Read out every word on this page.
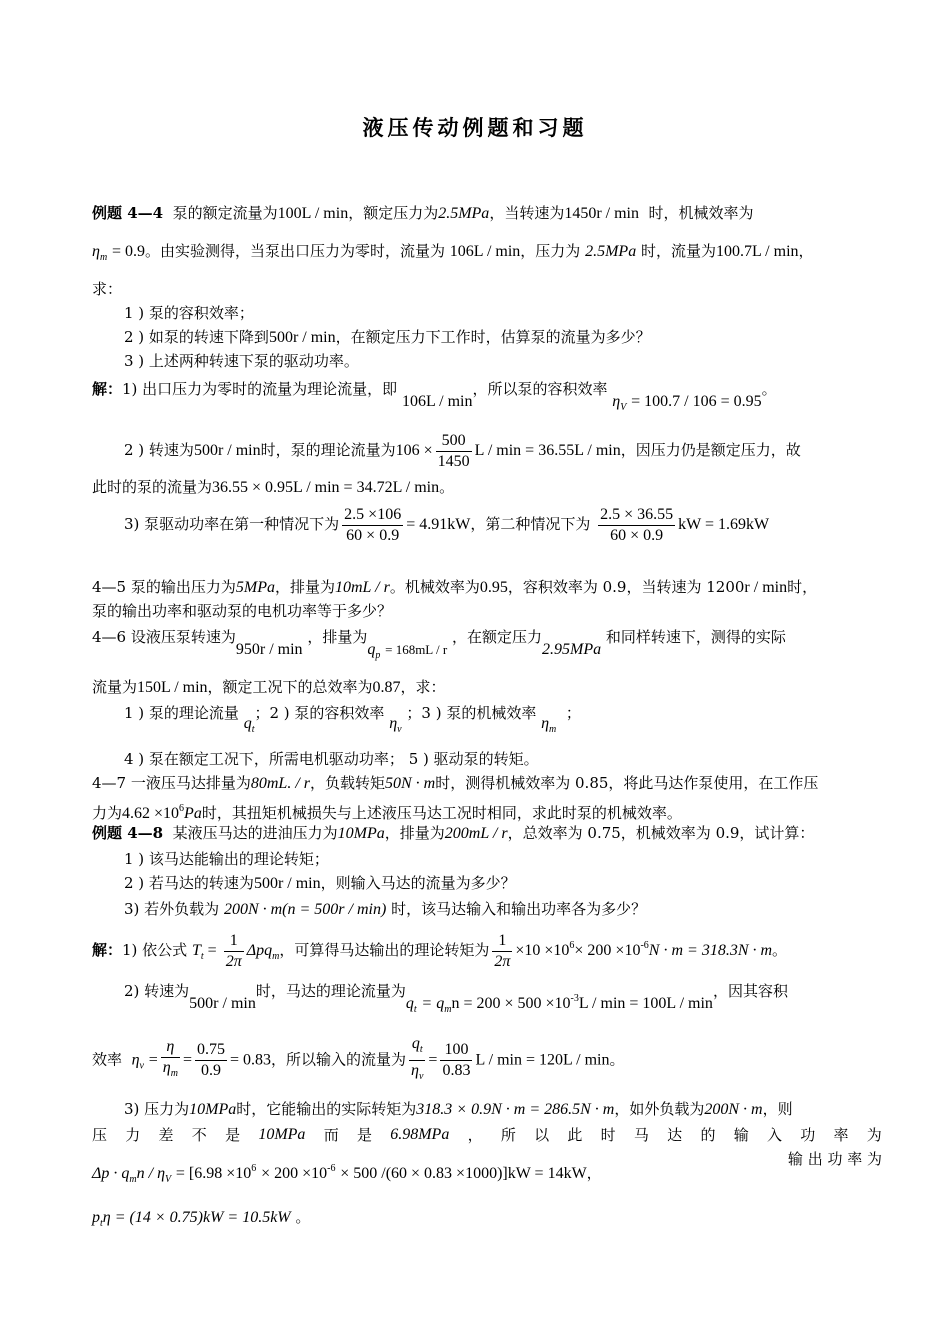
液压传动例题和习题
例题 4—4 泵的额定流量为100L / min，额定压力为2.5MPa，当转速为1450r / min 时，机械效率为
$\eta_m = 0.9$。由实验测得，当泵出口压力为零时，流量为 106L / min，压力为 2.5MPa 时，流量为100.7L / min，
求：
1 ) 泵的容积效率；
2 ) 如泵的转速下降到500r / min，在额定压力下工作时，估算泵的流量为多少？
3 ) 上述两种转速下泵的驱动功率。
解：1) 出口压力为零时的流量为理论流量，即 106L / min，所以泵的容积效率 $\eta_V = 100.7 / 106 = 0.95$。
2 ) 转速为500r / min时，泵的理论流量为$106 \times \frac{500}{1450}$ L / min = 36.55L / min，因压力仍是额定压力，故
此时的泵的流量为36.55 × 0.95L / min = 34.72L / min。
3) 泵驱动功率在第一种情况下为 $\frac{2.5 \times 106}{60 \times 0.9} = 4.91kW$，第二种情况下为 $\frac{2.5 \times 36.55}{60 \times 0.9}$ kW = 1.69kW
4—5 泵的输出压力为5MPa，排量为10mL / r。机械效率为0.95，容积效率为 0.9，当转速为 1200r / min时，
泵的输出功率和驱动泵的电机功率等于多少？
4—6 设液压泵转速为950r / min ，排量为$q_p = 168mL / r$ ，在额定压力2.95MPa 和同样转速下，测得的实际
流量为150L / min，额定工况下的总效率为0.87，求：
1 ) 泵的理论流量 $q_t$；2 ) 泵的容积效率 $\eta_v$ ；3 ) 泵的机械效率 $\eta_m$  ；
4 ) 泵在额定工况下，所需电机驱动功率； 5 ) 驱动泵的转矩。
4—7 一液压马达排量为80mL. / r，负载转矩50N · m时，测得机械效率为 0.85，将此马达作泵使用，在工作压
力为$4.62 \times 10^6Pa$时，其扭矩机械损失与上述液压马达工况时相同，求此时泵的机械效率。
例题 4—8 某液压马达的进油压力为10MPa，排量为200mL / r，总效率为 0.75，机械效率为 0.9，试计算：
1 ) 该马达能输出的理论转矩；
2 ) 若马达的转速为500r / min，则输入马达的流量为多少？
3) 若外负载为 200N · m(n = 500r / min) 时，该马达输入和输出功率各为多少？
解：1) 依公式 $T_t = \frac{1}{2\pi} \Delta pq_m$，可算得马达输出的理论转矩为 $\frac{1}{2\pi} \times 10 \times 10^6\times 200 \times 10^{-6}N \cdot m = 318.3N \cdot m$。
2) 转速为500r / min时，马达的理论流量为$q_t = q_mn = 200 \times 500 \times 10^{-3}L / \min = 100L / \min$，因其容积
效率 $\eta_v = \frac{\eta}{\eta_m} = \frac{0.75}{0.9} = 0.83$，所以输入的流量为 $\frac{q_t}{\eta_v} = \frac{100}{0.83}$ L / min = 120L / min。
3) 压力为10MPa时，它能输出的实际转矩为318.3 × 0.9N · m = 286.5N · m，如外负载为200N · m，则
压 力 差 不 是 10MPa 而 是 6.98MPa ， 所 以 此 时 马 达 的 输 入 功 率 为
$\Delta p \cdot q_mn / \eta_V = [6.98 \times 10^6 \times 200 \times 10^{-6} \times 500$ /(60 × 0.83 ×1000)]kW = 14kW，
输 出 功 率 为
$p_t\eta = (14 \times 0.75)kW = 10.5kW$ 。
